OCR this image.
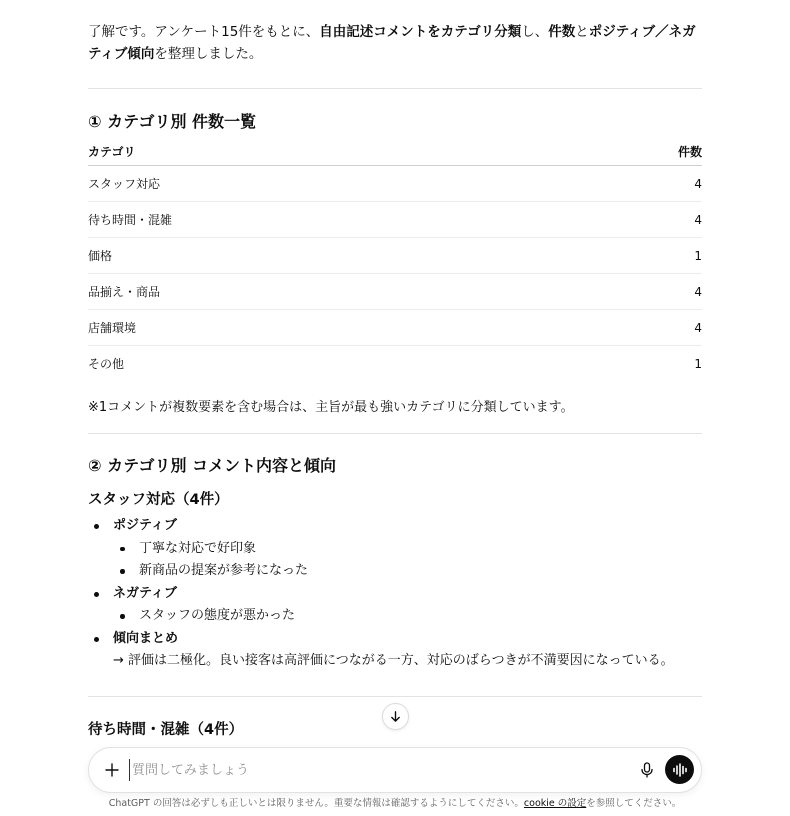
了解です。アンケート15件をもとに、自由記述コメントをカテゴリ分類し、件数とポジティブ／ネガティブ傾向を整理しました。

① カテゴリ別 件数一覧
カテゴリ	件数
スタッフ対応	4
待ち時間・混雑	4
価格	1
品揃え・商品	4
店舗環境	4
その他	1

※1コメントが複数要素を含む場合は、主旨が最も強いカテゴリに分類しています。

② カテゴリ別 コメント内容と傾向
スタッフ対応（4件）
ポジティブ
丁寧な対応で好印象
新商品の提案が参考になった
ネガティブ
スタッフの態度が悪かった
傾向まとめ
→ 評価は二極化。良い接客は高評価につながる一方、対応のばらつきが不満要因になっている。
待ち時間・混雑（4件）
質問してみましょう
ChatGPT の回答は必ずしも正しいとは限りません。重要な情報は確認するようにしてください。cookie の設定を参照してください。
